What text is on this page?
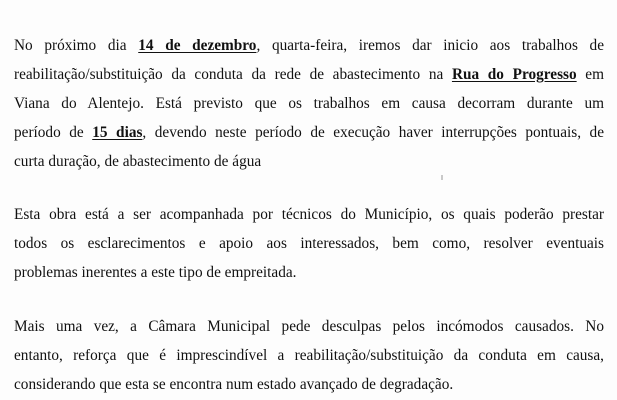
No próximo dia 14 de dezembro, quarta-feira, iremos dar inicio aos trabalhos de
reabilitação/substituição da conduta da rede de abastecimento na Rua do Progresso em
Viana do Alentejo. Está previsto que os trabalhos em causa decorram durante um
período de 15 dias, devendo neste período de execução haver interrupções pontuais, de
curta duração, de abastecimento de água
Esta obra está a ser acompanhada por técnicos do Município, os quais poderão prestar
todos os esclarecimentos e apoio aos interessados, bem como, resolver eventuais
problemas inerentes a este tipo de empreitada.
Mais uma vez, a Câmara Municipal pede desculpas pelos incómodos causados. No
entanto, reforça que é imprescindível a reabilitação/substituição da conduta em causa,
considerando que esta se encontra num estado avançado de degradação.
